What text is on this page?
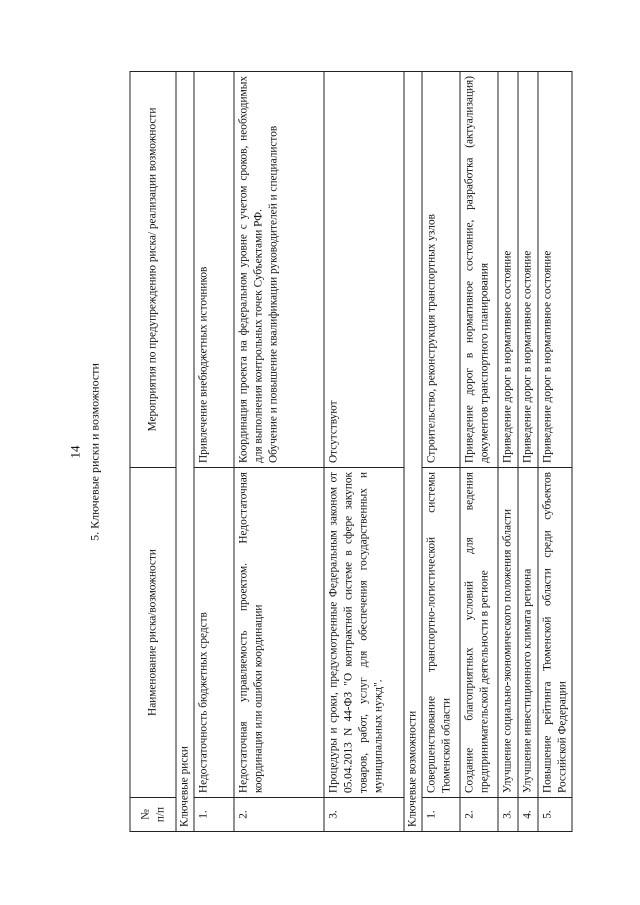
14 5. Ключевые риски и возможности
№
п/п	Наименование риска/возможности	Мероприятия по предупреждению риска/ реализации возможности
Ключевые риски		
1.	Недостаточность бюджетных средств	Привлечение внебюджетных источников
2.	Недостаточная управляемость проектом. Недостаточная координация или ошибки координации	Координация проекта на федеральном уровне с учетом сроков, необходимых для выполнения контрольных точек Субъектами РФ.
Обучение и повышение квалификации руководителей и специалистов
3.	Процедуры и сроки, предусмотренные Федеральным законом от 05.04.2013 N 44-ФЗ "О контрактной системе в сфере закупок товаров, работ, услуг для обеспечения государственных и муниципальных нужд".	Отсутствуют
Ключевые возможности		
1.	Совершенствование транспортно-логистической системы Тюменской области	Строительство, реконструкция транспортных узлов
2.	Создание благоприятных условий для ведения предпринимательской деятельности в регионе	Приведение дорог в нормативное состояние, разработка (актуализация) документов транспортного планирования
3.	Улучшение социально-экономического положения области	Приведение дорог в нормативное состояние
4.	Улучшение инвестиционного климата региона	Приведение дорог в нормативное состояние
5.	Повышение рейтинга Тюменской области среди субъектов Российской Федерации	Приведение дорог в нормативное состояние
